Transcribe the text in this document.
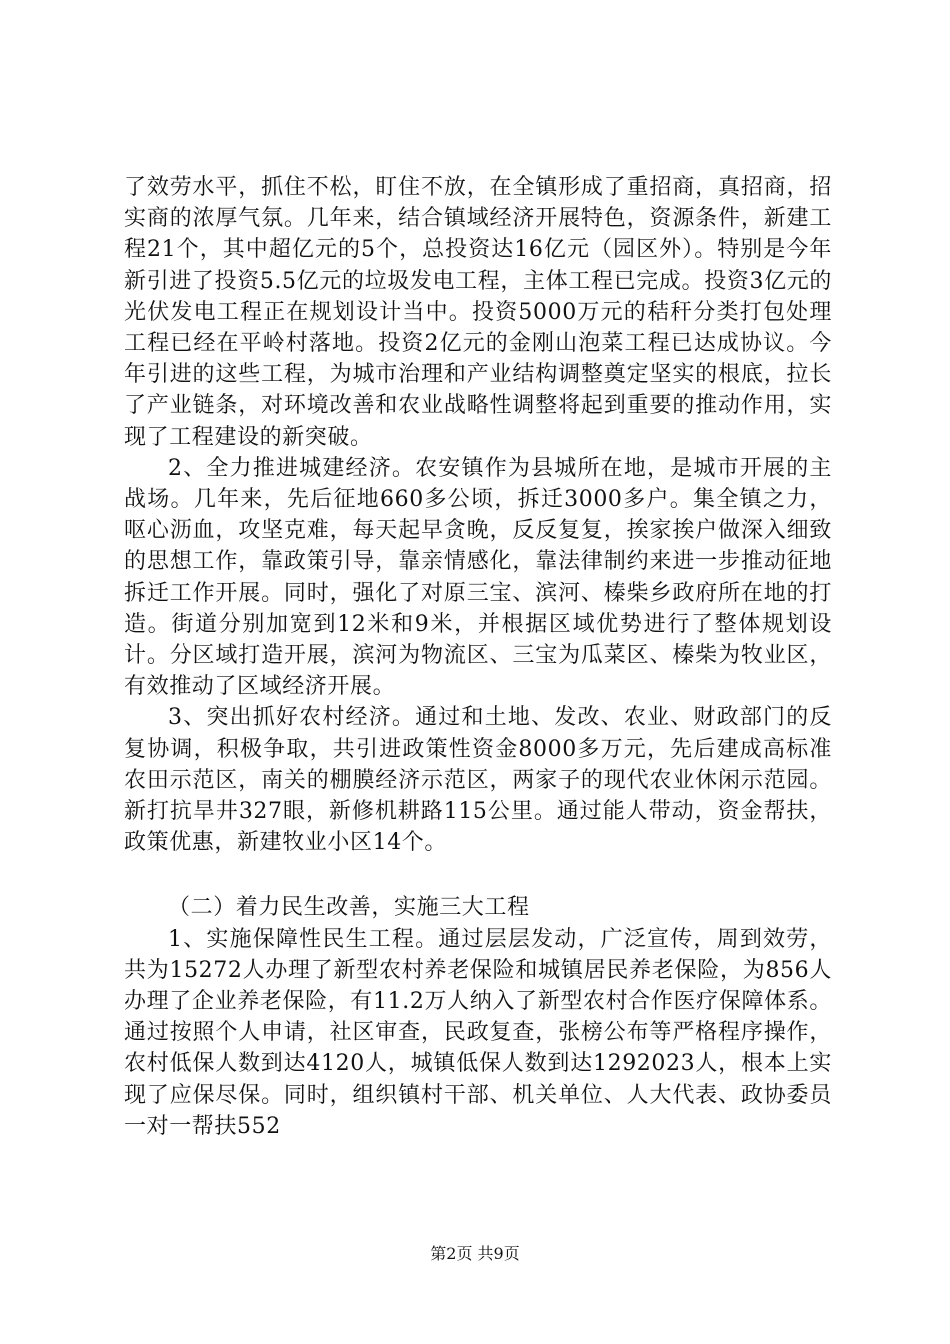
了效劳水平，抓住不松，盯住不放，在全镇形成了重招商，真招商，招实商的浓厚气氛。几年来，结合镇域经济开展特色，资源条件，新建工程21个，其中超亿元的5个，总投资达16亿元（园区外）。特别是今年新引进了投资5.5亿元的垃圾发电工程，主体工程已完成。投资3亿元的光伏发电工程正在规划设计当中。投资5000万元的秸秆分类打包处理工程已经在平岭村落地。投资2亿元的金刚山泡菜工程已达成协议。今年引进的这些工程，为城市治理和产业结构调整奠定坚实的根底，拉长了产业链条，对环境改善和农业战略性调整将起到重要的推动作用，实现了工程建设的新突破。

2、全力推进城建经济。农安镇作为县城所在地，是城市开展的主战场。几年来，先后征地660多公顷，拆迁3000多户。集全镇之力，呕心沥血，攻坚克难，每天起早贪晚，反反复复，挨家挨户做深入细致的思想工作，靠政策引导，靠亲情感化，靠法律制约来进一步推动征地拆迁工作开展。同时，强化了对原三宝、滨河、榛柴乡政府所在地的打造。街道分别加宽到12米和9米，并根据区域优势进行了整体规划设计。分区域打造开展，滨河为物流区、三宝为瓜菜区、榛柴为牧业区，有效推动了区域经济开展。

3、突出抓好农村经济。通过和土地、发改、农业、财政部门的反复协调，积极争取，共引进政策性资金8000多万元，先后建成高标准农田示范区，南关的棚膜经济示范区，两家子的现代农业休闲示范园。新打抗旱井327眼，新修机耕路115公里。通过能人带动，资金帮扶，政策优惠，新建牧业小区14个。

（二）着力民生改善，实施三大工程

1、实施保障性民生工程。通过层层发动，广泛宣传，周到效劳，共为15272人办理了新型农村养老保险和城镇居民养老保险，为856人办理了企业养老保险，有11.2万人纳入了新型农村合作医疗保障体系。通过按照个人申请，社区审查，民政复查，张榜公布等严格程序操作，农村低保人数到达4120人，城镇低保人数到达1292023人，根本上实现了应保尽保。同时，组织镇村干部、机关单位、人大代表、政协委员一对一帮扶552

第2页 共9页
